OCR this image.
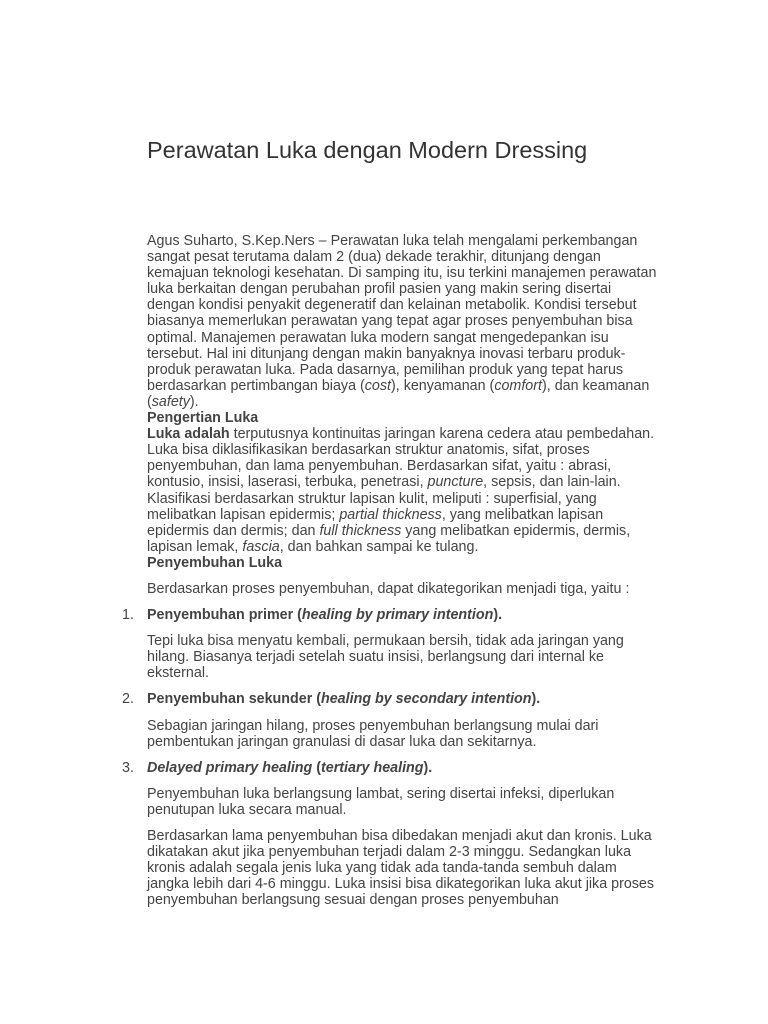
Perawatan Luka dengan Modern Dressing

Agus Suharto, S.Kep.Ners – Perawatan luka telah mengalami perkembangan sangat pesat terutama dalam 2 (dua) dekade terakhir, ditunjang dengan kemajuan teknologi kesehatan. Di samping itu, isu terkini manajemen perawatan luka berkaitan dengan perubahan profil pasien yang makin sering disertai dengan kondisi penyakit degeneratif dan kelainan metabolik. Kondisi tersebut biasanya memerlukan perawatan yang tepat agar proses penyembuhan bisa optimal. Manajemen perawatan luka modern sangat mengedepankan isu tersebut. Hal ini ditunjang dengan makin banyaknya inovasi terbaru produk-produk perawatan luka. Pada dasarnya, pemilihan produk yang tepat harus berdasarkan pertimbangan biaya (cost), kenyamanan (comfort), dan keamanan (safety).

Pengertian Luka

Luka adalah terputusnya kontinuitas jaringan karena cedera atau pembedahan. Luka bisa diklasifikasikan berdasarkan struktur anatomis, sifat, proses penyembuhan, dan lama penyembuhan. Berdasarkan sifat, yaitu : abrasi, kontusio, insisi, laserasi, terbuka, penetrasi, puncture, sepsis, dan lain-lain.

Klasifikasi berdasarkan struktur lapisan kulit, meliputi : superfisial, yang melibatkan lapisan epidermis; partial thickness, yang melibatkan lapisan epidermis dan dermis; dan full thickness yang melibatkan epidermis, dermis, lapisan lemak, fascia, dan bahkan sampai ke tulang.

Penyembuhan Luka

Berdasarkan proses penyembuhan, dapat dikategorikan menjadi tiga, yaitu :

1. Penyembuhan primer (healing by primary intention).

Tepi luka bisa menyatu kembali, permukaan bersih, tidak ada jaringan yang hilang. Biasanya terjadi setelah suatu insisi, berlangsung dari internal ke eksternal.

2. Penyembuhan sekunder (healing by secondary intention).

Sebagian jaringan hilang, proses penyembuhan berlangsung mulai dari pembentukan jaringan granulasi di dasar luka dan sekitarnya.

3. Delayed primary healing (tertiary healing).

Penyembuhan luka berlangsung lambat, sering disertai infeksi, diperlukan penutupan luka secara manual.

Berdasarkan lama penyembuhan bisa dibedakan menjadi akut dan kronis. Luka dikatakan akut jika penyembuhan terjadi dalam 2-3 minggu. Sedangkan luka kronis adalah segala jenis luka yang tidak ada tanda-tanda sembuh dalam jangka lebih dari 4-6 minggu. Luka insisi bisa dikategorikan luka akut jika proses penyembuhan berlangsung sesuai dengan proses penyembuhan
